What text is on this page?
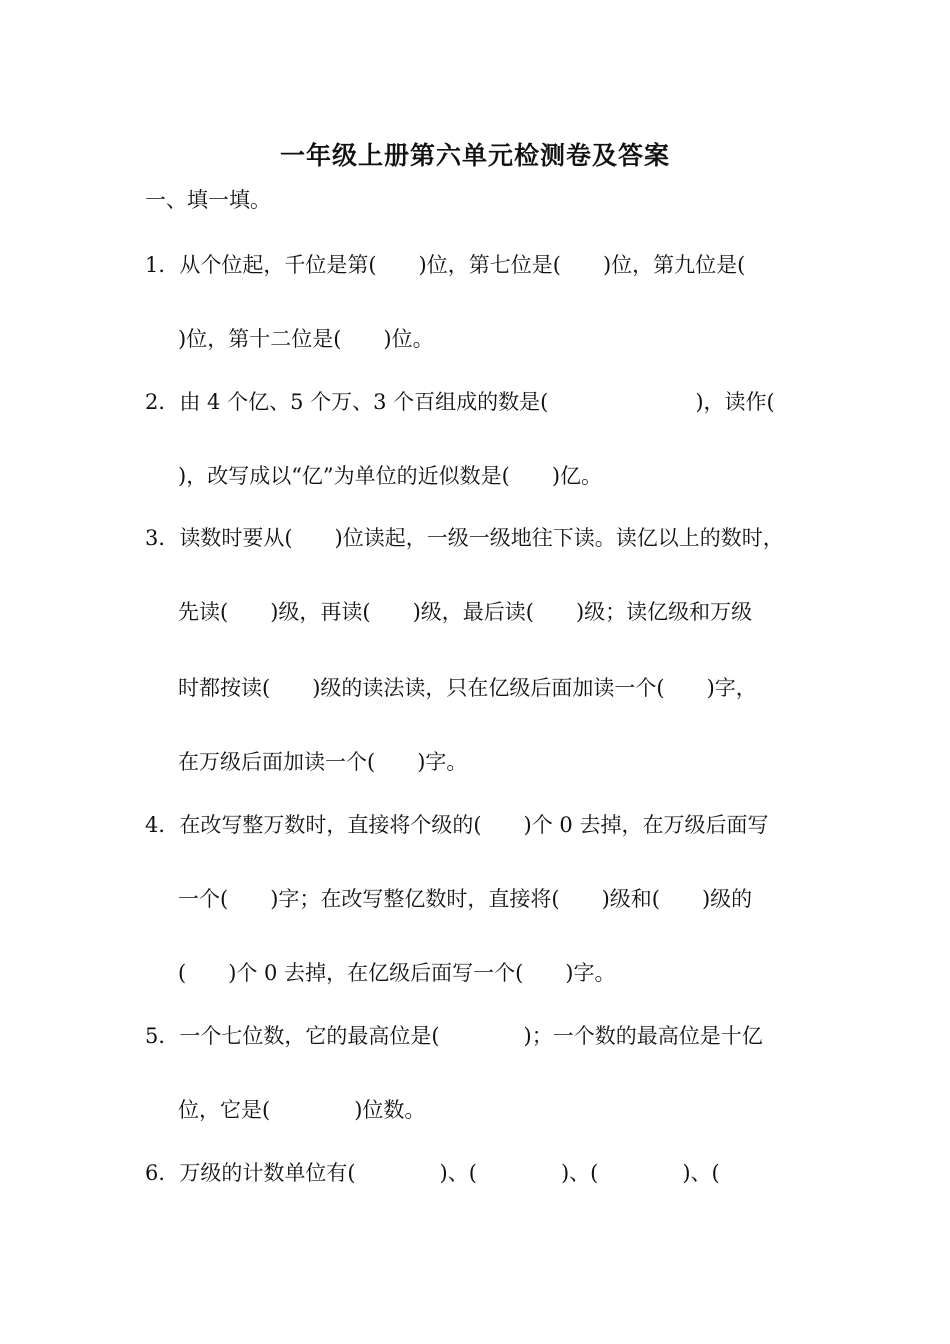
一年级上册第六单元检测卷及答案
一、填一填。
1．从个位起，千位是第(　　)位，第七位是(　　)位，第九位是(
)位，第十二位是(　　)位。
2．由 4 个亿、5 个万、3 个百组成的数是(　　　　　　　)，读作(
)，改写成以“亿”为单位的近似数是(　　)亿。
3．读数时要从(　　)位读起，一级一级地往下读。读亿以上的数时，
先读(　　)级，再读(　　)级，最后读(　　)级；读亿级和万级
时都按读(　　)级的读法读，只在亿级后面加读一个(　　)字，
在万级后面加读一个(　　)字。
4．在改写整万数时，直接将个级的(　　)个 0 去掉，在万级后面写
一个(　　)字；在改写整亿数时，直接将(　　)级和(　　)级的
(　　)个 0 去掉，在亿级后面写一个(　　)字。
5．一个七位数，它的最高位是(　　　　)；一个数的最高位是十亿
位，它是(　　　　)位数。
6．万级的计数单位有(　　　　)、(　　　　)、(　　　　)、(
